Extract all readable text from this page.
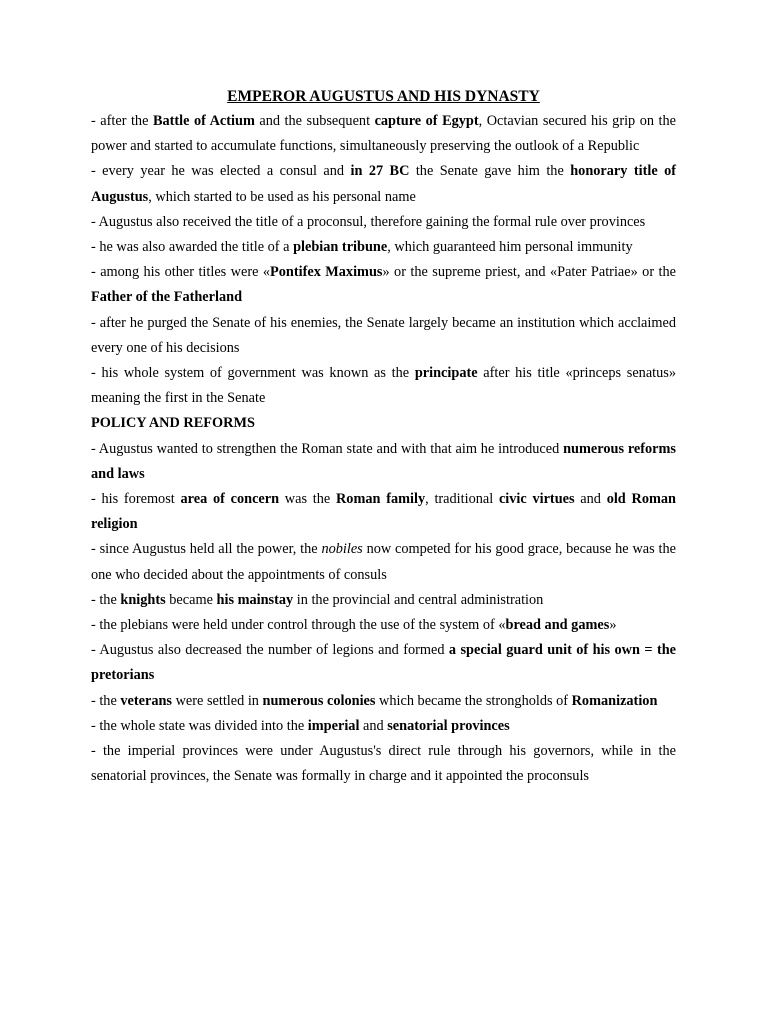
EMPEROR AUGUSTUS AND HIS DYNASTY

- after the Battle of Actium and the subsequent capture of Egypt, Octavian secured his grip on the power and started to accumulate functions, simultaneously preserving the outlook of a Republic

- every year he was elected a consul and in 27 BC the Senate gave him the honorary title of Augustus, which started to be used as his personal name

- Augustus also received the title of a proconsul, therefore gaining the formal rule over provinces

- he was also awarded the title of a plebian tribune, which guaranteed him personal immunity

- among his other titles were «Pontifex Maximus» or the supreme priest, and «Pater Patriae» or the Father of the Fatherland

- after he purged the Senate of his enemies, the Senate largely became an institution which acclaimed every one of his decisions

- his whole system of government was known as the principate after his title «princeps senatus» meaning the first in the Senate

POLICY AND REFORMS

- Augustus wanted to strengthen the Roman state and with that aim he introduced numerous reforms and laws

- his foremost area of concern was the Roman family, traditional civic virtues and old Roman religion

- since Augustus held all the power, the nobiles now competed for his good grace, because he was the one who decided about the appointments of consuls

- the knights became his mainstay in the provincial and central administration

- the plebians were held under control through the use of the system of «bread and games»

- Augustus also decreased the number of legions and formed a special guard unit of his own = the pretorians

- the veterans were settled in numerous colonies which became the strongholds of Romanization

- the whole state was divided into the imperial and senatorial provinces

- the imperial provinces were under Augustus's direct rule through his governors, while in the senatorial provinces, the Senate was formally in charge and it appointed the proconsuls
